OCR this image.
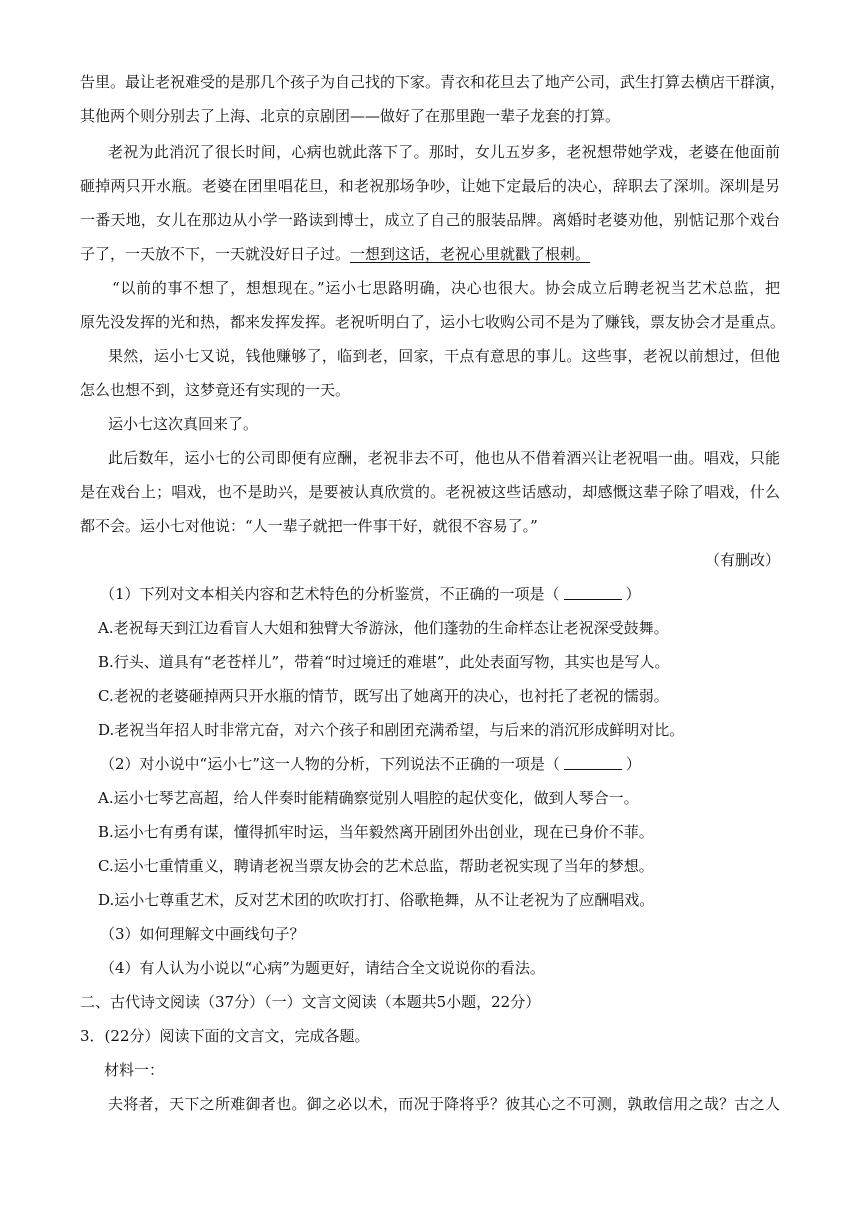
告里。最让老祝难受的是那几个孩子为自己找的下家。青衣和花旦去了地产公司，武生打算去横店干群演，
其他两个则分别去了上海、北京的京剧团——做好了在那里跑一辈子龙套的打算。
老祝为此消沉了很长时间，心病也就此落下了。那时，女儿五岁多，老祝想带她学戏，老婆在他面前
砸掉两只开水瓶。老婆在团里唱花旦，和老祝那场争吵，让她下定最后的决心，辞职去了深圳。深圳是另
一番天地，女儿在那边从小学一路读到博士，成立了自己的服装品牌。离婚时老婆劝他，别惦记那个戏台
子了，一天放不下，一天就没好日子过。一想到这话，老祝心里就戳了根刺。
“以前的事不想了，想想现在。”运小七思路明确，决心也很大。协会成立后聘老祝当艺术总监，把
原先没发挥的光和热，都来发挥发挥。老祝听明白了，运小七收购公司不是为了赚钱，票友协会才是重点。
果然，运小七又说，钱他赚够了，临到老，回家，干点有意思的事儿。这些事，老祝以前想过，但他
怎么也想不到，这梦竟还有实现的一天。
运小七这次真回来了。
此后数年，运小七的公司即便有应酬，老祝非去不可，他也从不借着酒兴让老祝唱一曲。唱戏，只能
是在戏台上；唱戏，也不是助兴，是要被认真欣赏的。老祝被这些话感动，却感慨这辈子除了唱戏，什么
都不会。运小七对他说：“人一辈子就把一件事干好，就很不容易了。”
（有删改）
（1）下列对文本相关内容和艺术特色的分析鉴赏，不正确的一项是（	）
A.老祝每天到江边看盲人大姐和独臂大爷游泳，他们蓬勃的生命样态让老祝深受鼓舞。
B.行头、道具有“老苍样儿”，带着“时过境迁的难堪”，此处表面写物，其实也是写人。
C.老祝的老婆砸掉两只开水瓶的情节，既写出了她离开的决心，也衬托了老祝的懦弱。
D.老祝当年招人时非常亢奋，对六个孩子和剧团充满希望，与后来的消沉形成鲜明对比。
（2）对小说中“运小七”这一人物的分析，下列说法不正确的一项是（	）
A.运小七琴艺高超，给人伴奏时能精确察觉别人唱腔的起伏变化，做到人琴合一。
B.运小七有勇有谋，懂得抓牢时运，当年毅然离开剧团外出创业，现在已身价不菲。
C.运小七重情重义，聘请老祝当票友协会的艺术总监，帮助老祝实现了当年的梦想。
D.运小七尊重艺术，反对艺术团的吹吹打打、俗歌艳舞，从不让老祝为了应酬唱戏。
（3）如何理解文中画线句子？
（4）有人认为小说以“心病”为题更好，请结合全文说说你的看法。
二、古代诗文阅读（37分）（一）文言文阅读（本题共5小题，22分）
3．(22分）阅读下面的文言文，完成各题。
材料一：
夫将者，天下之所难御者也。御之必以术，而况于降将乎？彼其心之不可测，孰敢信用之哉？古之人
